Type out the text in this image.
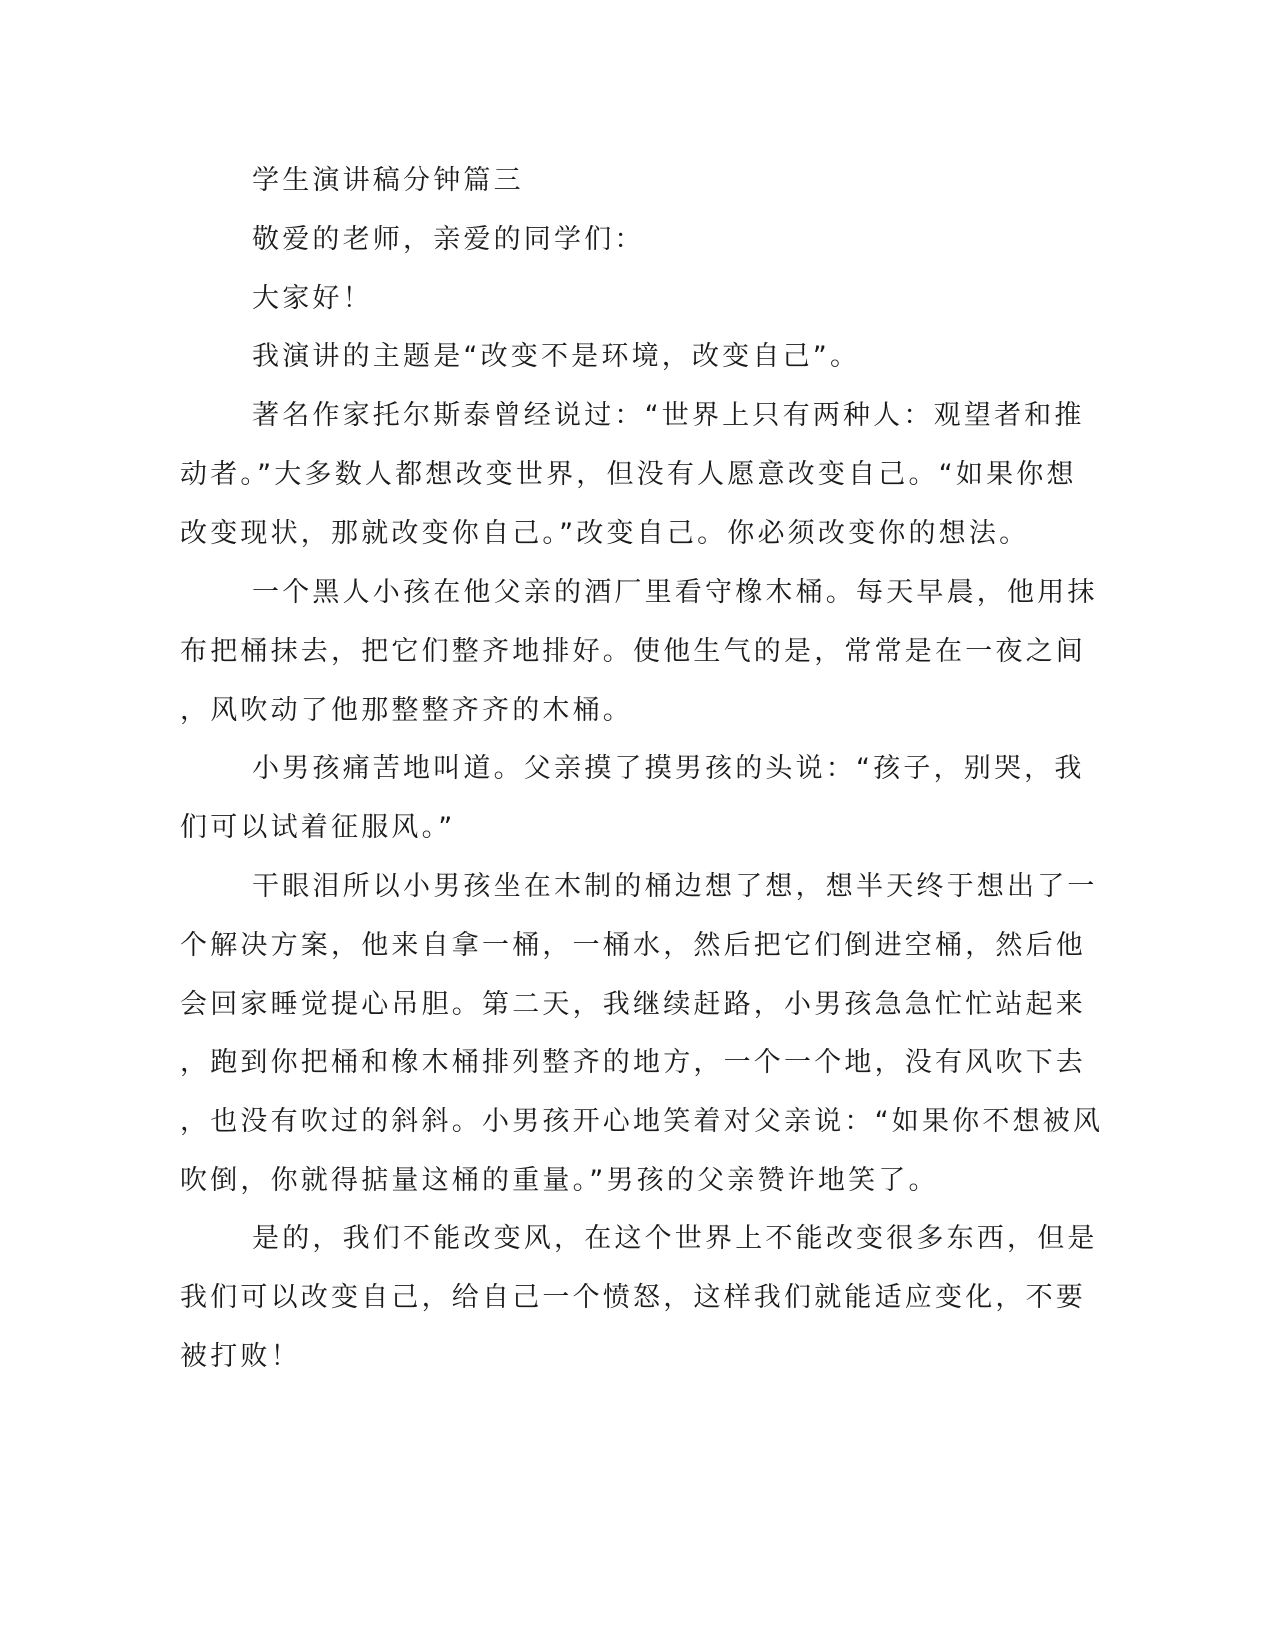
学生演讲稿分钟篇三

敬爱的老师，亲爱的同学们：

大家好！

我演讲的主题是“改变不是环境，改变自己”。

著名作家托尔斯泰曾经说过：“世界上只有两种人：观望者和推
动者。”大多数人都想改变世界，但没有人愿意改变自己。“如果你想
改变现状，那就改变你自己。”改变自己。你必须改变你的想法。
一个黑人小孩在他父亲的酒厂里看守橡木桶。每天早晨，他用抹
布把桶抹去，把它们整齐地排好。使他生气的是，常常是在一夜之间
，风吹动了他那整整齐齐的木桶。
小男孩痛苦地叫道。父亲摸了摸男孩的头说：“孩子，别哭，我
们可以试着征服风。”
干眼泪所以小男孩坐在木制的桶边想了想，想半天终于想出了一
个解决方案，他来自拿一桶，一桶水，然后把它们倒进空桶，然后他
会回家睡觉提心吊胆。第二天，我继续赶路，小男孩急急忙忙站起来
，跑到你把桶和橡木桶排列整齐的地方，一个一个地，没有风吹下去
，也没有吹过的斜斜。小男孩开心地笑着对父亲说：“如果你不想被风
吹倒，你就得掂量这桶的重量。”男孩的父亲赞许地笑了。
是的，我们不能改变风，在这个世界上不能改变很多东西，但是
我们可以改变自己，给自己一个愤怒，这样我们就能适应变化，不要
被打败！
